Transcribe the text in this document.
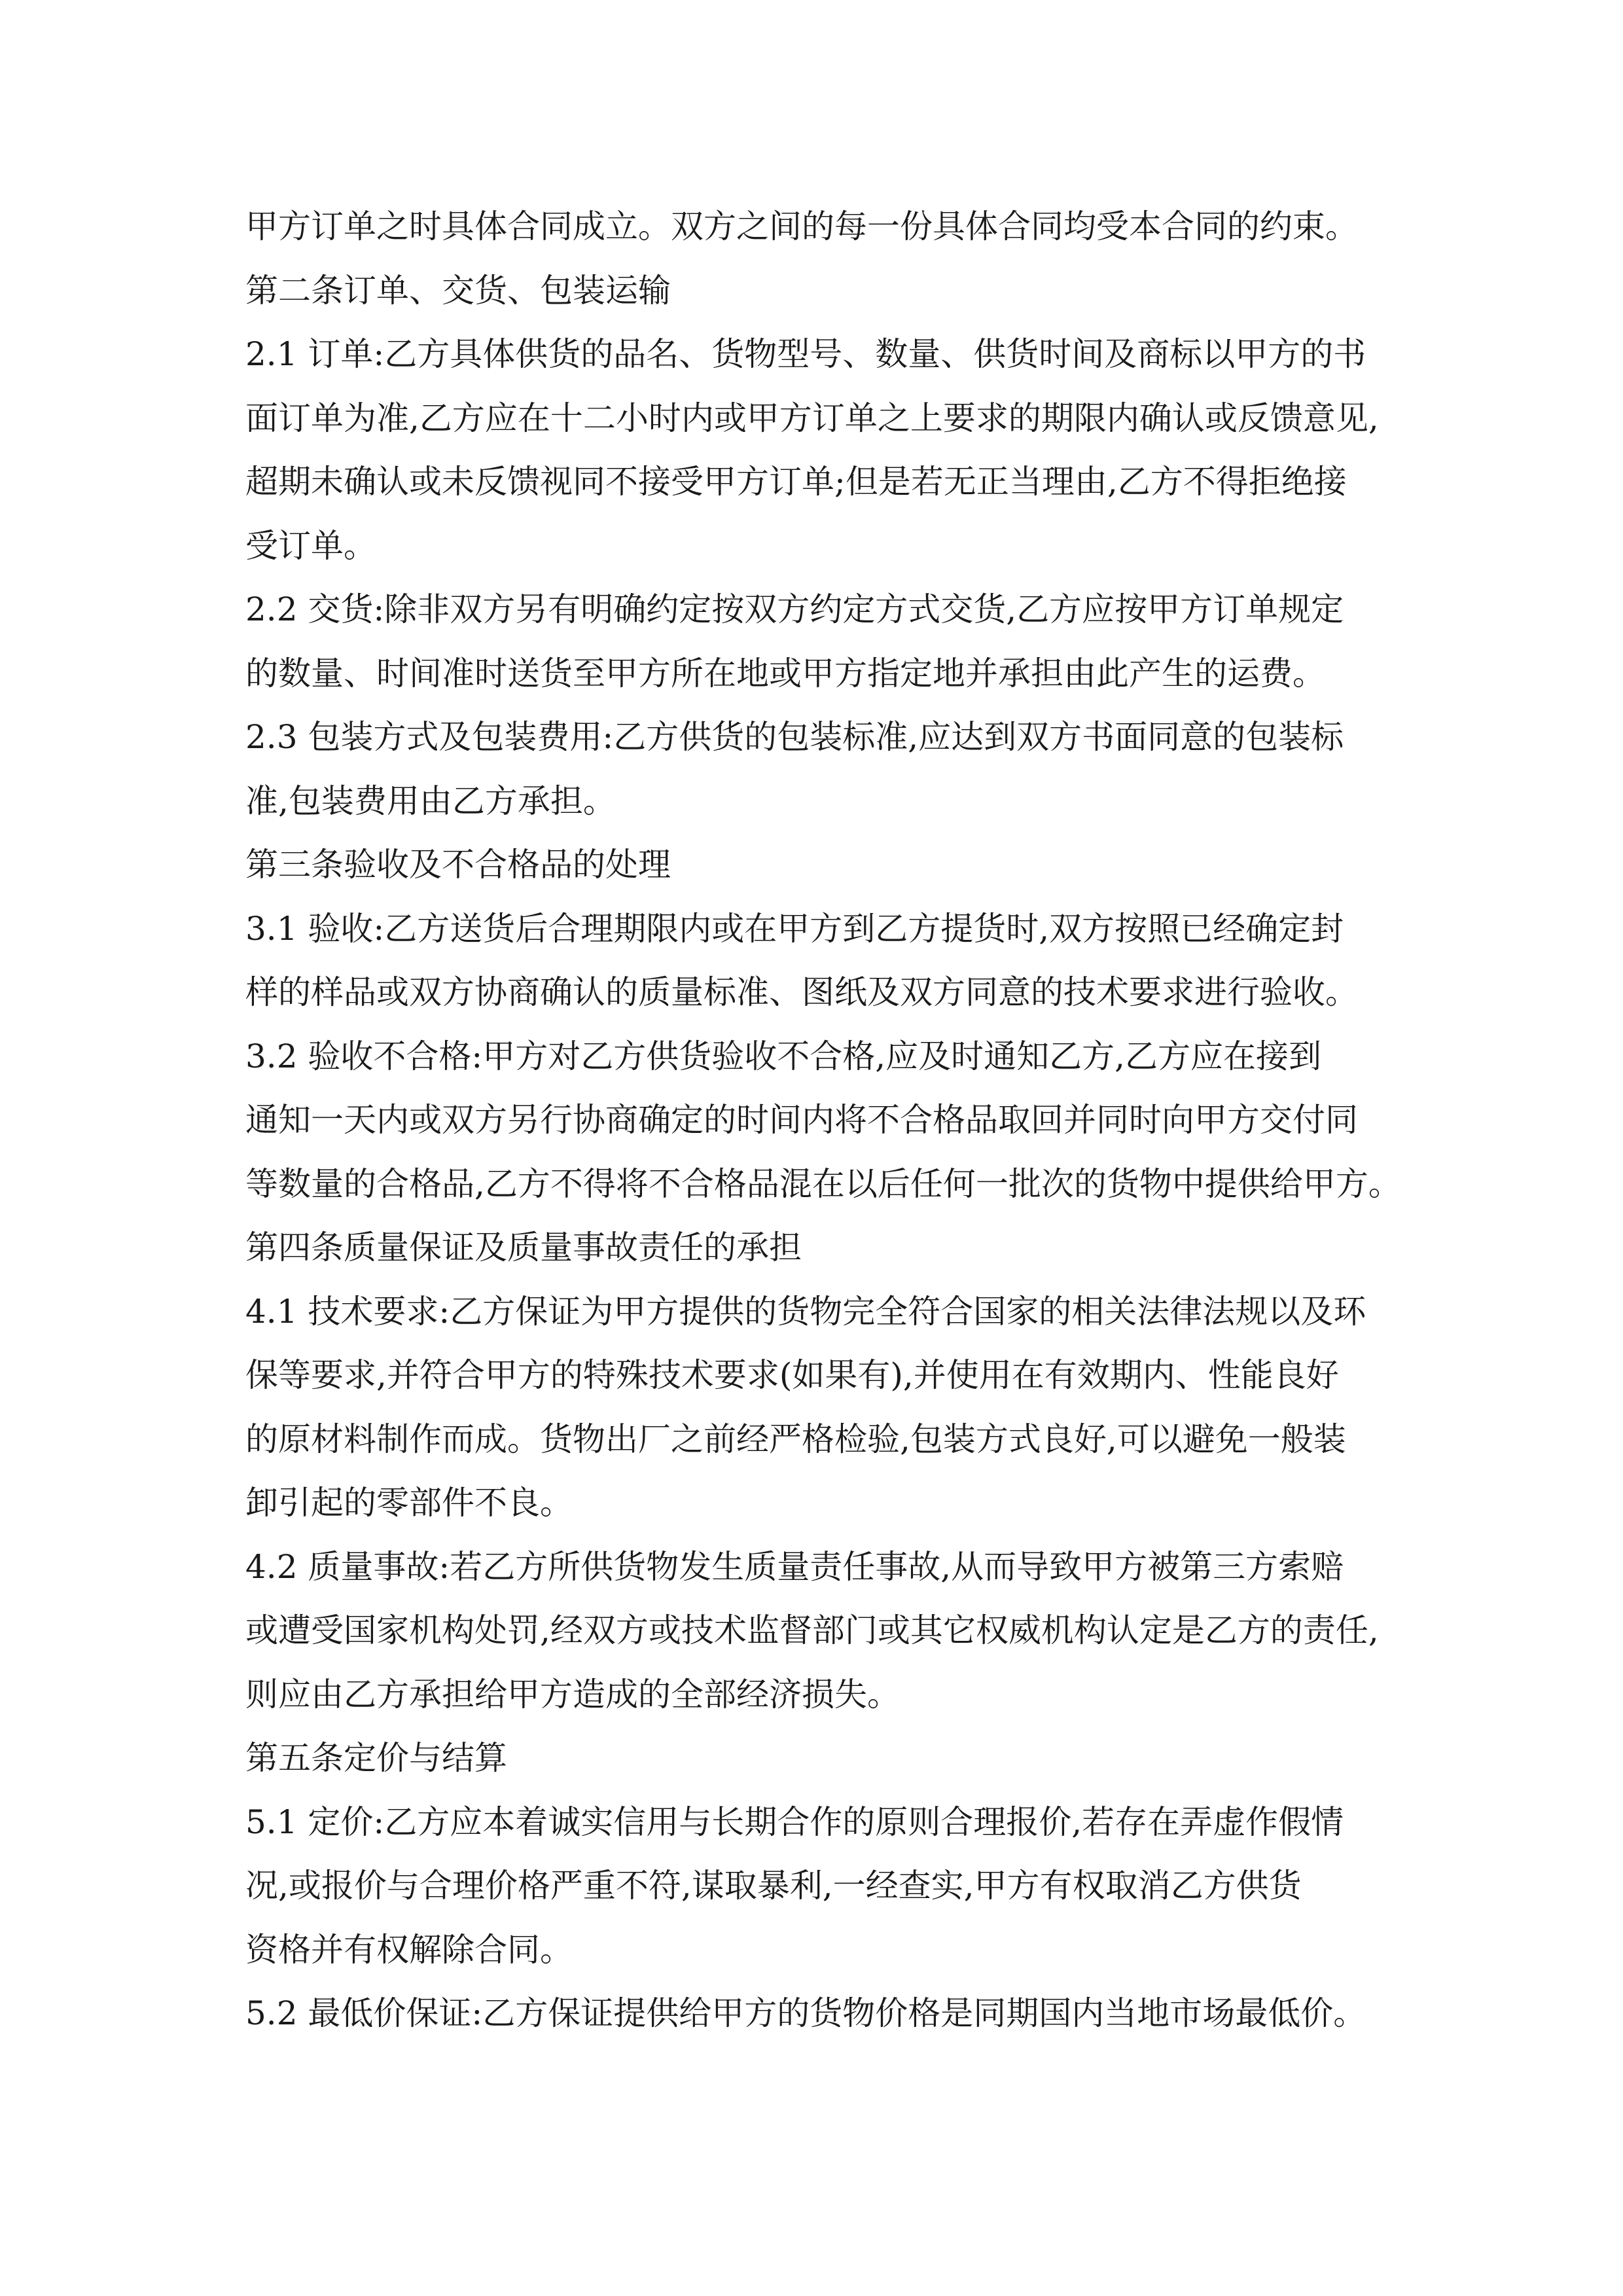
甲方订单之时具体合同成立。双方之间的每一份具体合同均受本合同的约束。
第二条订单、交货、包装运输
2.1 订单:乙方具体供货的品名、货物型号、数量、供货时间及商标以甲方的书
面订单为准,乙方应在十二小时内或甲方订单之上要求的期限内确认或反馈意见,
超期未确认或未反馈视同不接受甲方订单;但是若无正当理由,乙方不得拒绝接
受订单。
2.2 交货:除非双方另有明确约定按双方约定方式交货,乙方应按甲方订单规定
的数量、时间准时送货至甲方所在地或甲方指定地并承担由此产生的运费。
2.3 包装方式及包装费用:乙方供货的包装标准,应达到双方书面同意的包装标
准,包装费用由乙方承担。
第三条验收及不合格品的处理
3.1 验收:乙方送货后合理期限内或在甲方到乙方提货时,双方按照已经确定封
样的样品或双方协商确认的质量标准、图纸及双方同意的技术要求进行验收。
3.2 验收不合格:甲方对乙方供货验收不合格,应及时通知乙方,乙方应在接到
通知一天内或双方另行协商确定的时间内将不合格品取回并同时向甲方交付同
等数量的合格品,乙方不得将不合格品混在以后任何一批次的货物中提供给甲方。
第四条质量保证及质量事故责任的承担
4.1 技术要求:乙方保证为甲方提供的货物完全符合国家的相关法律法规以及环
保等要求,并符合甲方的特殊技术要求(如果有),并使用在有效期内、性能良好
的原材料制作而成。货物出厂之前经严格检验,包装方式良好,可以避免一般装
卸引起的零部件不良。
4.2 质量事故:若乙方所供货物发生质量责任事故,从而导致甲方被第三方索赔
或遭受国家机构处罚,经双方或技术监督部门或其它权威机构认定是乙方的责任,
则应由乙方承担给甲方造成的全部经济损失。
第五条定价与结算
5.1 定价:乙方应本着诚实信用与长期合作的原则合理报价,若存在弄虚作假情
况,或报价与合理价格严重不符,谋取暴利,一经查实,甲方有权取消乙方供货
资格并有权解除合同。
5.2 最低价保证:乙方保证提供给甲方的货物价格是同期国内当地市场最低价。
